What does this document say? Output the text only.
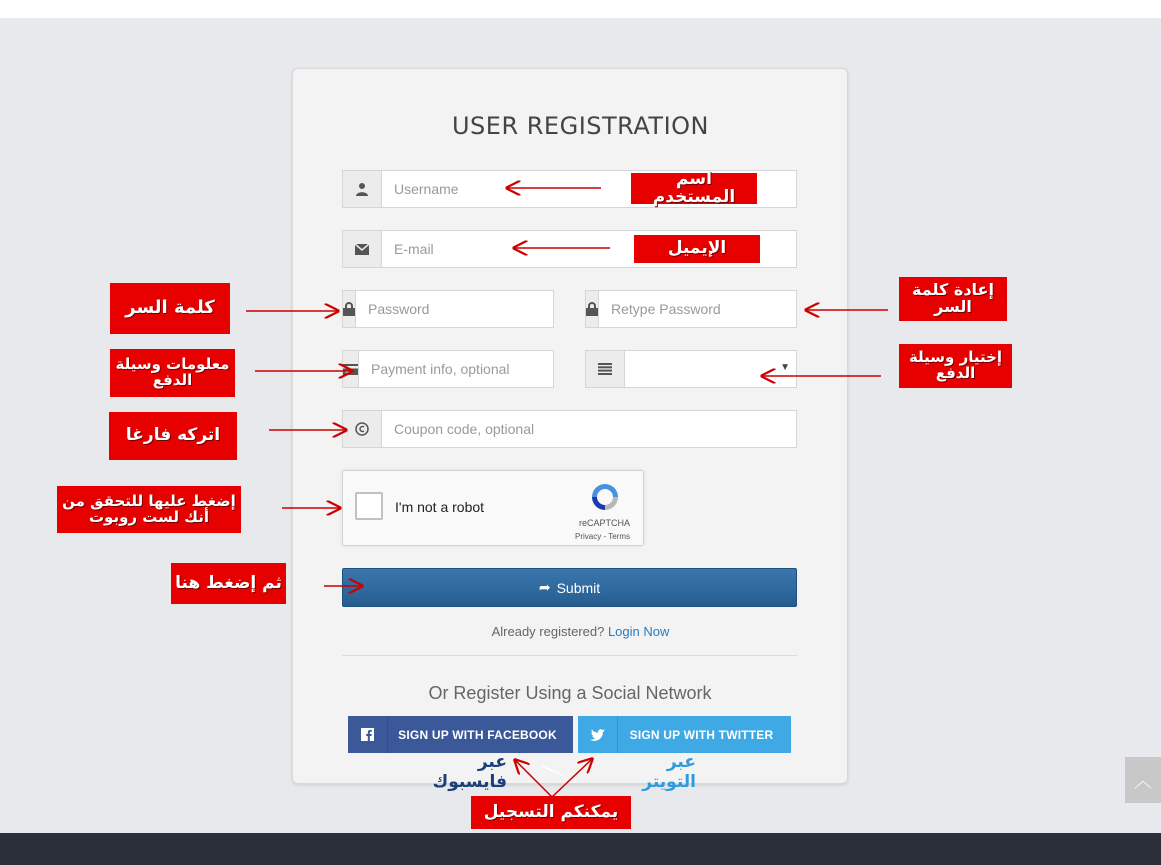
USER REGISTRATION
Username
E-mail
Payment info, optional
▼
Coupon code, optional
I'm not a robot
reCAPTCHA
Privacy - Terms
➦ Submit
Already registered? Login Now
Or Register Using a Social Network
SIGN UP WITH FACEBOOK	SIGN UP WITH TWITTER
اسم المستخدم
الإيميل
كلمة السر
إعادة كلمة السر
معلومات وسيلة الدفع
إختيار وسيلة الدفع
اتركه فارغا
إضغط عليها للتحقق من أنك لست روبوت
ثم إضغط هنا
يمكنكم التسجيل
عبر فايسبوك
عبر التويتر	︿
